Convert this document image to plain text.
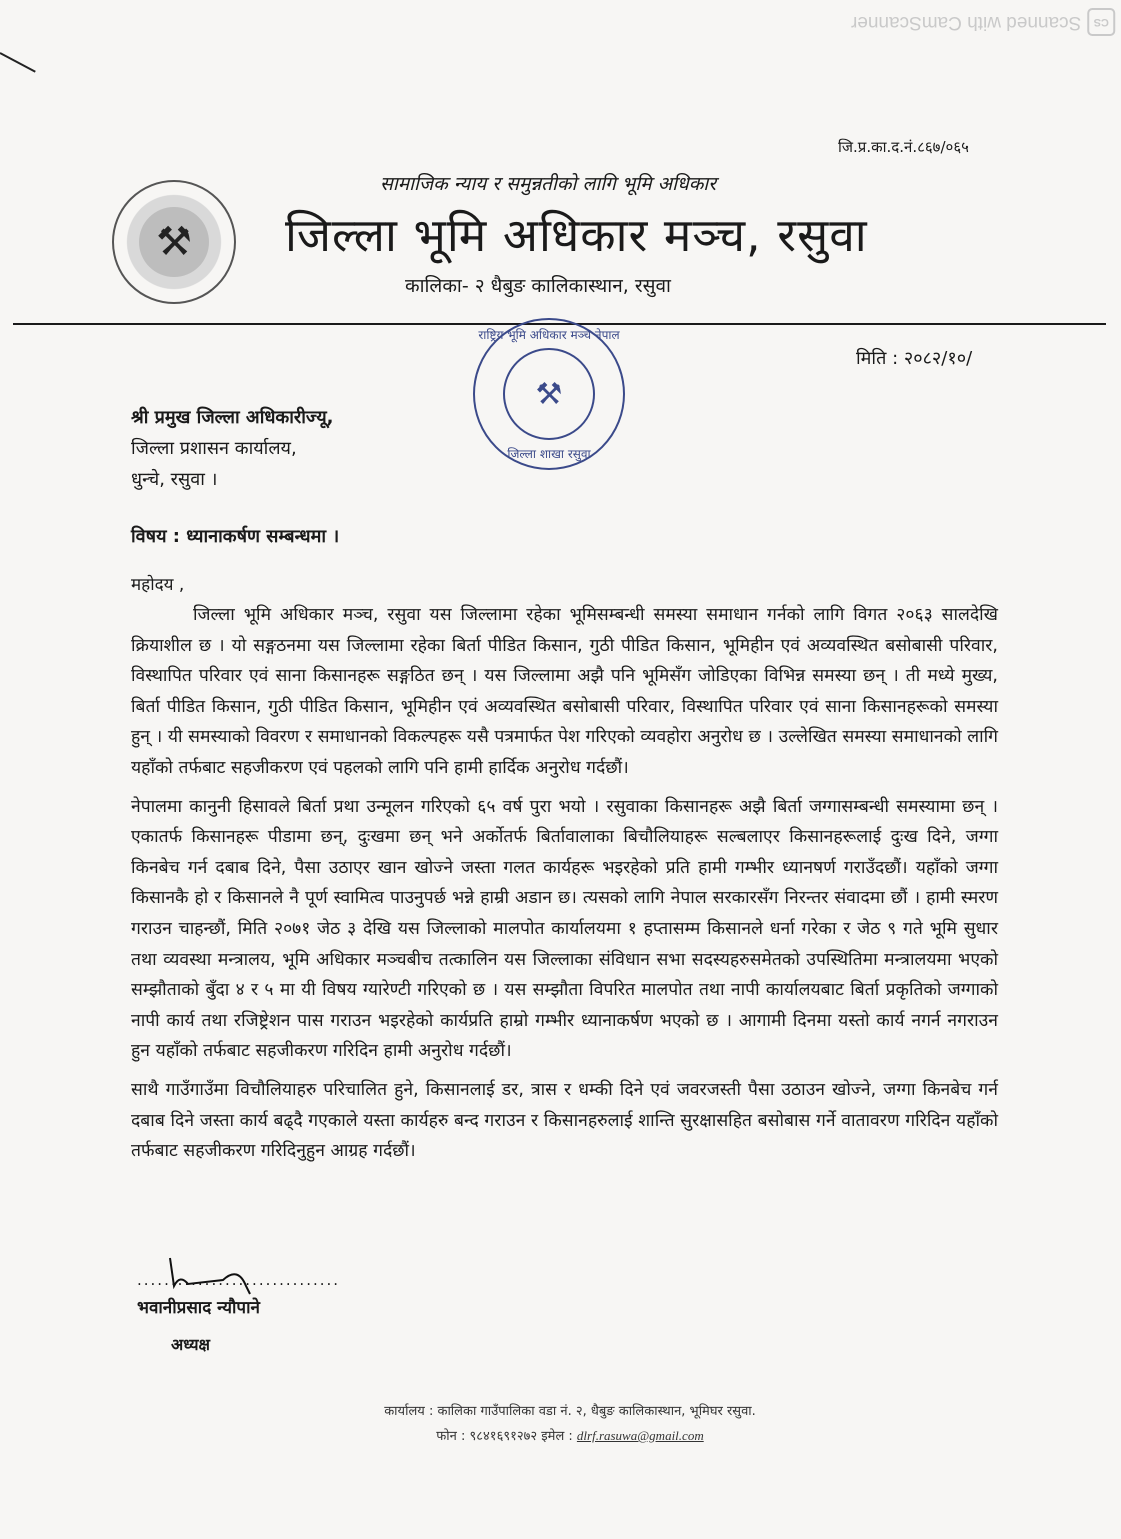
CS
Scanned with CamScanner
जि.प्र.का.द.नं.८६७/०६५
⚒
सामाजिक न्याय र समुन्नतीको लागि भूमि अधिकार
जिल्ला भूमि अधिकार मञ्च, रसुवा
कालिका- २ धैबुङ कालिकास्थान, रसुवा
राष्ट्रिय भूमि अधिकार मञ्च नेपाल
⚒
जिल्ला शाखा रसुवा
मिति : २०८२/१०/
श्री प्रमुख जिल्ला अधिकारीज्यू,
जिल्ला प्रशासन कार्यालय,
धुन्चे, रसुवा ।
विषय : ध्यानाकर्षण सम्बन्धमा ।
महोदय ,

जिल्ला भूमि अधिकार मञ्च, रसुवा यस जिल्लामा रहेका भूमिसम्बन्धी समस्या समाधान गर्नको लागि विगत २०६३ सालदेखि क्रियाशील छ । यो सङ्गठनमा यस जिल्लामा रहेका बिर्ता पीडित किसान, गुठी पीडित किसान, भूमिहीन एवं अव्यवस्थित बसोबासी परिवार, विस्थापित परिवार एवं साना किसानहरू सङ्गठित छन् । यस जिल्लामा अझै पनि भूमिसँग जोडिएका विभिन्न समस्या छन् । ती मध्ये मुख्य, बिर्ता पीडित किसान, गुठी पीडित किसान, भूमिहीन एवं अव्यवस्थित बसोबासी परिवार, विस्थापित परिवार एवं साना किसानहरूको समस्या हुन् । यी समस्याको विवरण र समाधानको विकल्पहरू यसै पत्रमार्फत पेश गरिएको व्यवहोरा अनुरोध छ । उल्लेखित समस्या समाधानको लागि यहाँको तर्फबाट सहजीकरण एवं पहलको लागि पनि हामी हार्दिक अनुरोध गर्दछौं।

नेपालमा कानुनी हिसावले बिर्ता प्रथा उन्मूलन गरिएको ६५ वर्ष पुरा भयो । रसुवाका किसानहरू अझै बिर्ता जग्गासम्बन्धी समस्यामा छन् । एकातर्फ किसानहरू पीडामा छन्, दुःखमा छन् भने अर्कोतर्फ बिर्तावालाका बिचौलियाहरू सल्बलाएर किसानहरूलाई दुःख दिने, जग्गा किनबेच गर्न दबाब दिने, पैसा उठाएर खान खोज्ने जस्ता गलत कार्यहरू भइरहेको प्रति हामी गम्भीर ध्यानषर्ण गराउँदछौं। यहाँको जग्गा किसानकै हो र किसानले नै पूर्ण स्वामित्व पाउनुपर्छ भन्ने हाम्री अडान छ। त्यसको लागि नेपाल सरकारसँग निरन्तर संवादमा छौं । हामी स्मरण गराउन चाहन्छौं, मिति २०७१ जेठ ३ देखि यस जिल्लाको मालपोत कार्यालयमा १ हप्तासम्म किसानले धर्ना गरेका र जेठ ९ गते भूमि सुधार तथा व्यवस्था मन्त्रालय, भूमि अधिकार मञ्चबीच तत्कालिन यस जिल्लाका संविधान सभा सदस्यहरुसमेतको उपस्थितिमा मन्त्रालयमा भएको सम्झौताको बुँदा ४ र ५ मा यी विषय ग्यारेण्टी गरिएको छ । यस सम्झौता विपरित मालपोत तथा नापी कार्यालयबाट बिर्ता प्रकृतिको जग्गाको नापी कार्य तथा रजिष्ट्रेशन पास गराउन भइरहेको कार्यप्रति हाम्रो गम्भीर ध्यानाकर्षण भएको छ । आगामी दिनमा यस्तो कार्य नगर्न नगराउन हुन यहाँको तर्फबाट सहजीकरण गरिदिन हामी अनुरोध गर्दछौं।

साथै गाउँगाउँमा विचौलियाहरु परिचालित हुने, किसानलाई डर, त्रास र धम्की दिने एवं जवरजस्ती पैसा उठाउन खोज्ने, जग्गा किनबेच गर्न दबाब दिने जस्ता कार्य बढ्दै गएकाले यस्ता कार्यहरु बन्द गराउन र किसानहरुलाई शान्ति सुरक्षासहित बसोबास गर्ने वातावरण गरिदिन यहाँको तर्फबाट सहजीकरण गरिदिनुहुन आग्रह गर्दछौं।

..............................
भवानीप्रसाद न्यौपाने
अध्यक्ष
कार्यालय : कालिका गाउँपालिका वडा नं. २, धैबुङ कालिकास्थान, भूमिघर रसुवा.
फोन : ९८४१६९१२७२ इमेल : dlrf.rasuwa@gmail.com
